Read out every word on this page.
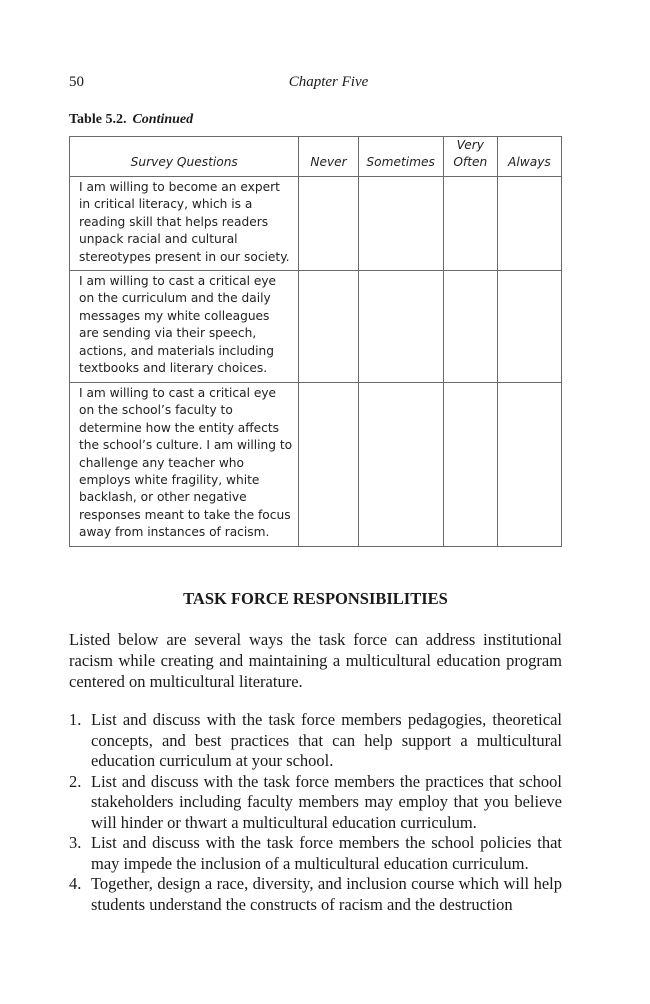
50	Chapter Five
Table 5.2. Continued
Survey Questions	Never	Sometimes	Very Often	Always
I am willing to become an expert in critical literacy, which is a reading skill that helps readers unpack racial and cultural stereotypes present in our society.				
I am willing to cast a critical eye on the curriculum and the daily messages my white colleagues are sending via their speech, actions, and materials including textbooks and literary choices.				
I am willing to cast a critical eye on the school’s faculty to determine how the entity affects the school’s culture. I am willing to challenge any teacher who employs white fragility, white backlash, or other negative responses meant to take the focus away from instances of racism.				
TASK FORCE RESPONSIBILITIES

Listed below are several ways the task force can address institutional racism while creating and maintaining a multicultural education program centered on multicultural literature.

1. List and discuss with the task force members pedagogies, theoretical concepts, and best practices that can help support a multicultural education curriculum at your school.
2. List and discuss with the task force members the practices that school stakeholders including faculty members may employ that you believe will hinder or thwart a multicultural education curriculum.
3. List and discuss with the task force members the school policies that may impede the inclusion of a multicultural education curriculum.
4. Together, design a race, diversity, and inclusion course which will help students understand the constructs of racism and the destruction
